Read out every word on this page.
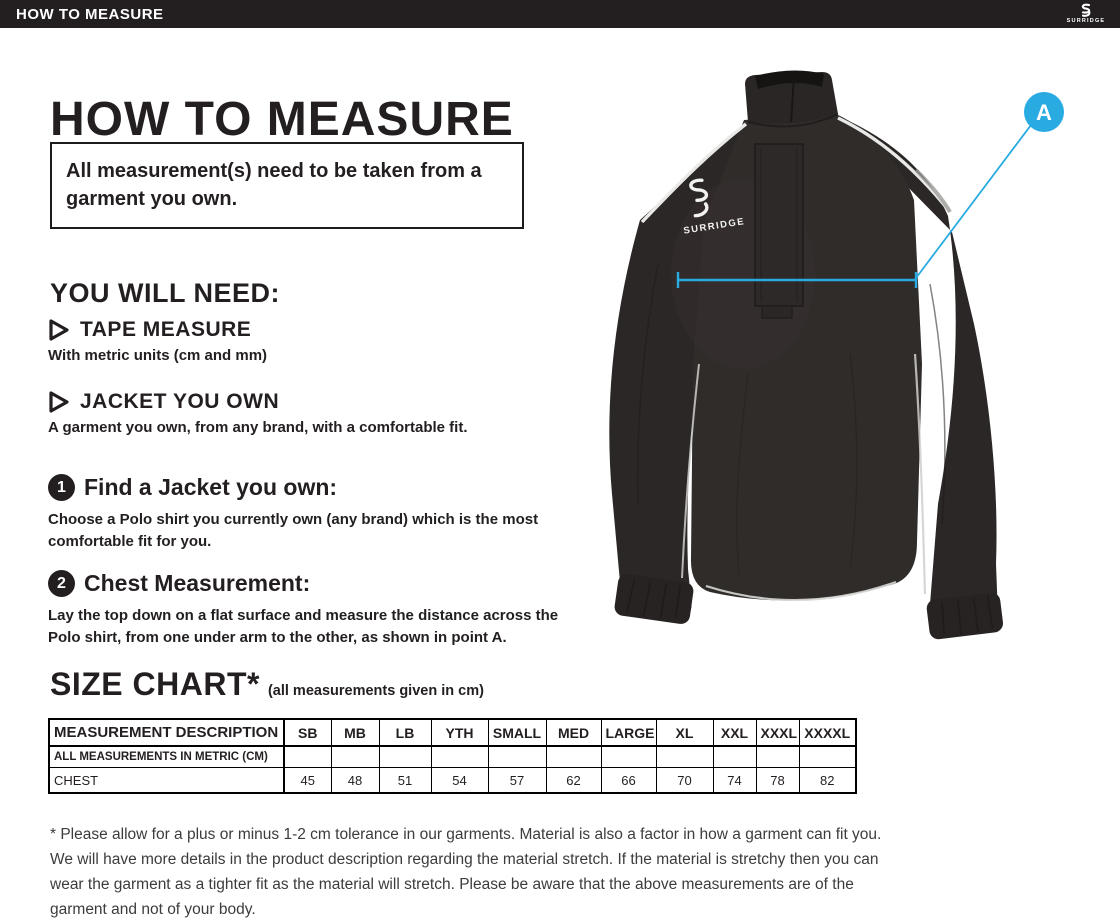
HOW TO MEASURE	SURRIDGE
HOW TO MEASURE
All measurement(s) need to be taken from a garment you own.
YOU WILL NEED:
TAPE MEASURE
With metric units (cm and mm)
JACKET YOU OWN
A garment you own, from any brand, with a comfortable fit.
1 Find a Jacket you own:
Choose a Polo shirt you currently own (any brand) which is the most comfortable fit for you.
2 Chest Measurement:
Lay the top down on a flat surface and measure the distance across the Polo shirt, from one under arm to the other, as shown in point A.
SIZE CHART* (all measurements given in cm)
MEASUREMENT DESCRIPTION	SB	MB	LB	YTH	SMALL	MED	LARGE	XL	XXL	XXXL	XXXXL
ALL MEASUREMENTS IN METRIC (CM)											
CHEST	45	48	51	54	57	62	66	70	74	78	82

* Please allow for a plus or minus 1-2 cm tolerance in our garments. Material is also a factor in how a garment can fit you. We will have more details in the product description regarding the material stretch. If the material is stretchy then you can wear the garment as a tighter fit as the material will stretch. Please be aware that the above measurements are of the garment and not of your body.

SURRIDGE
A
